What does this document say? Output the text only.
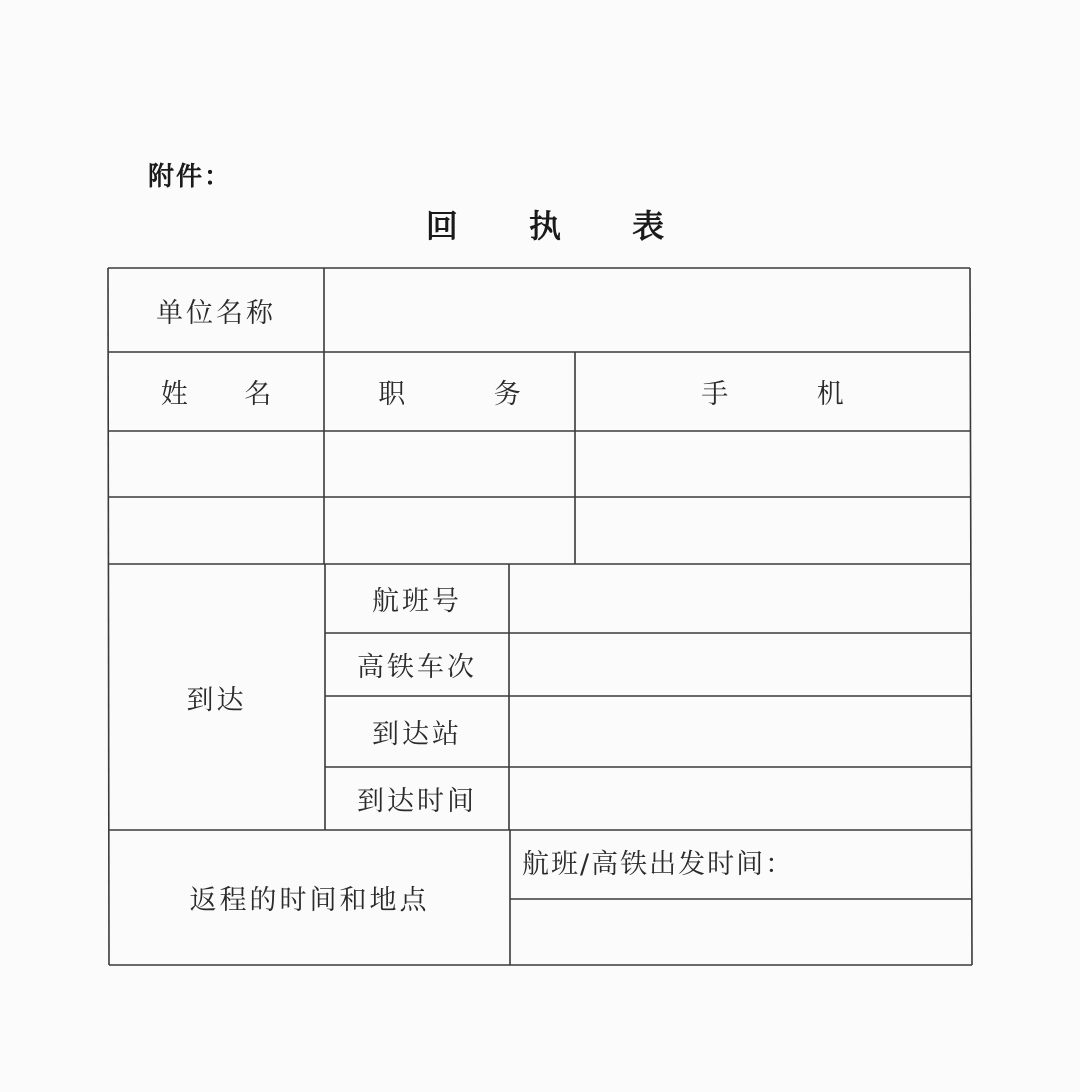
附件：
回 执 表
单位名称
姓 名	职 务	手 机
到达
航班号
高铁车次
到达站
到达时间
返程的时间和地点
航班/高铁出发时间：
